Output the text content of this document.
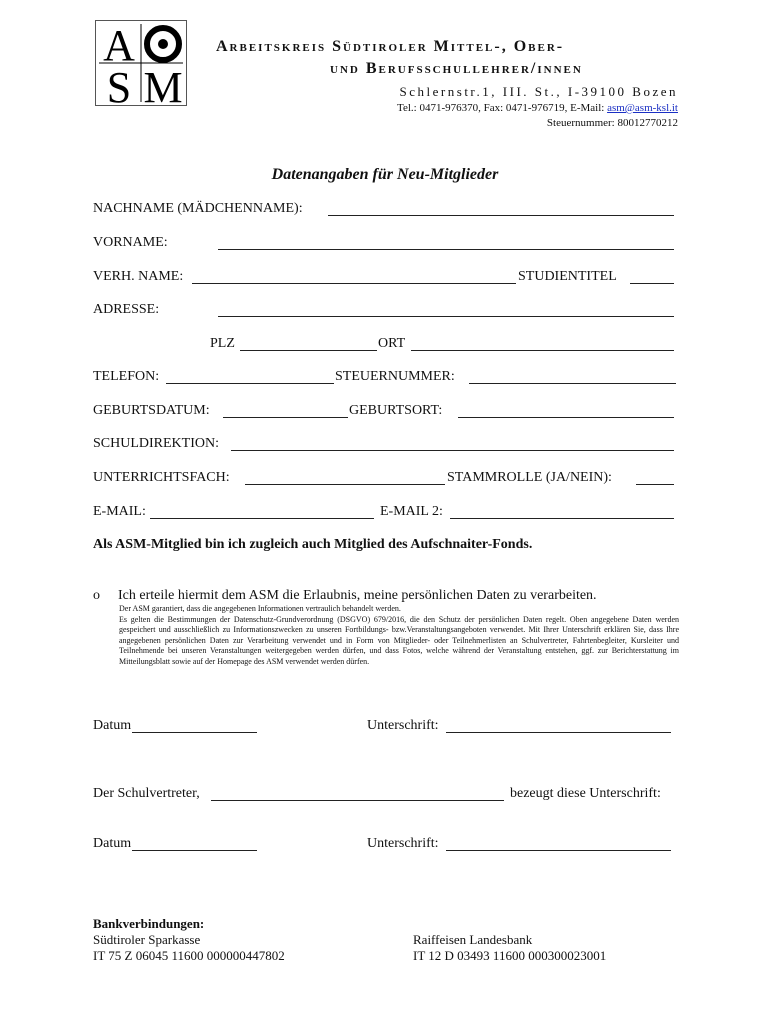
A
S M
Arbeitskreis Südtiroler Mittel-, Ober-
und Berufsschullehrer/innen
Schlernstr.1, III. St., I-39100 Bozen
Tel.: 0471-976370, Fax: 0471-976719, E-Mail: asm@asm-ksl.it
Steuernummer: 80012770212
Datenangaben für Neu-Mitglieder
NACHNAME (MÄDCHENNAME):
VORNAME:
VERH. NAME:	STUDIENTITEL
ADRESSE:
PLZ	ORT
TELEFON:	STEUERNUMMER:
GEBURTSDATUM:	GEBURTSORT:
SCHULDIREKTION:
UNTERRICHTSFACH:	STAMMROLLE (JA/NEIN):
E-MAIL:	E-MAIL 2:
Als ASM-Mitglied bin ich zugleich auch Mitglied des Aufschnaiter-Fonds.
o Ich erteile hiermit dem ASM die Erlaubnis, meine persönlichen Daten zu verarbeiten.
Der ASM garantiert, dass die angegebenen Informationen vertraulich behandelt werden.
Es gelten die Bestimmungen der Datenschutz-Grundverordnung (DSGVO) 679/2016, die den Schutz der persönlichen Daten regelt. Oben angegebene Daten werden gespeichert und ausschließlich zu Informationszwecken zu unseren Fortbildungs- bzw.Veranstaltungsangeboten verwendet. Mit Ihrer Unterschrift erklären Sie, dass Ihre angegebenen persönlichen Daten zur Verarbeitung verwendet und in Form von Mitglieder- oder Teilnehmerlisten an Schulvertreter, Fahrtenbegleiter, Kursleiter und Teilnehmende bei unseren Veranstaltungen weitergegeben werden dürfen, und dass Fotos, welche während der Veranstaltung entstehen, ggf. zur Berichterstattung im Mitteilungsblatt sowie auf der Homepage des ASM verwendet werden dürfen.
Datum	Unterschrift:
Der Schulvertreter,	bezeugt diese Unterschrift:
Datum	Unterschrift:
Bankverbindungen:
Südtiroler Sparkasse
IT 75 Z 06045 11600 000000447802
Raiffeisen Landesbank
IT 12 D 03493 11600 000300023001
